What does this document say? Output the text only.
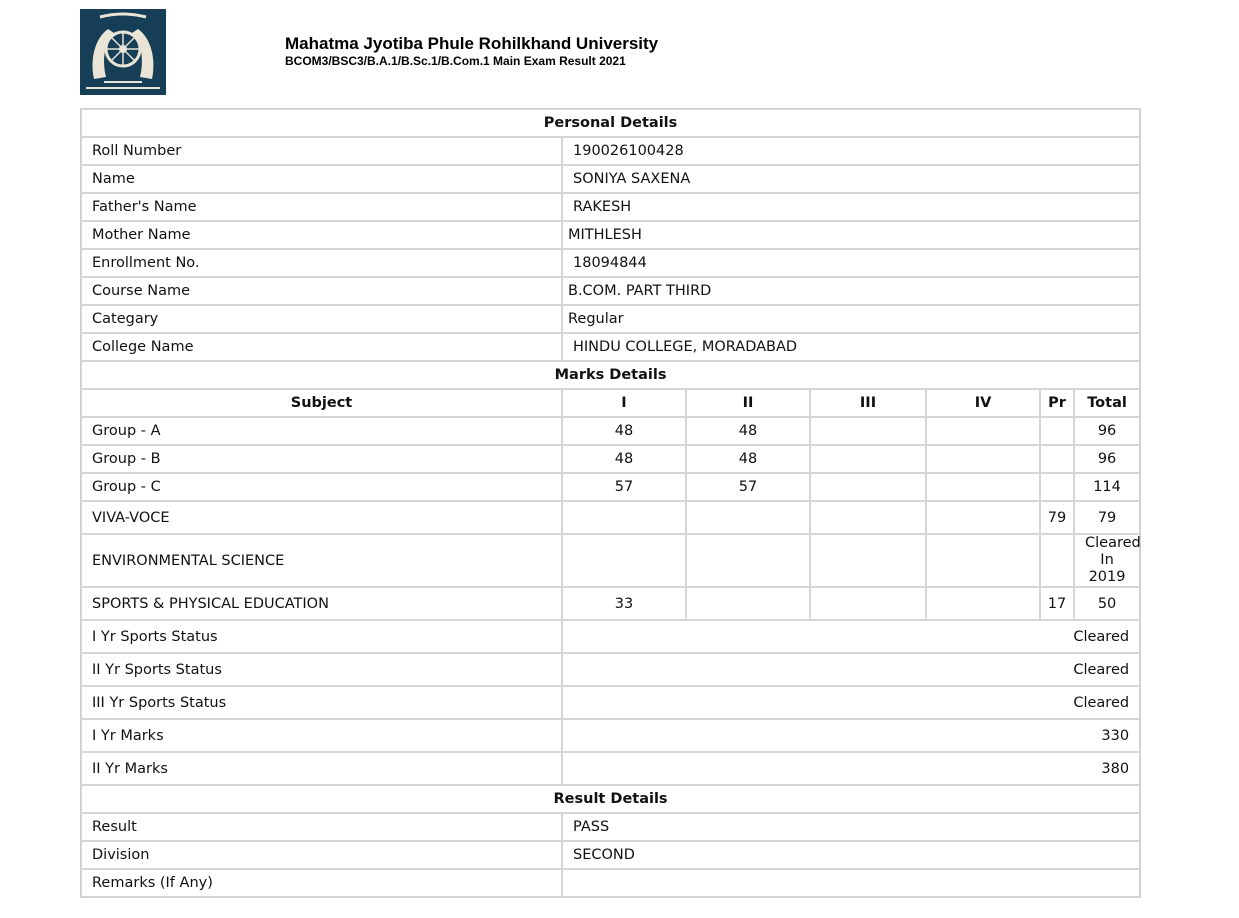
Mahatma Jyotiba Phule Rohilkhand University
BCOM3/BSC3/B.A.1/B.Sc.1/B.Com.1 Main Exam Result 2021
Personal Details						
Roll Number	190026100428					
Name	SONIYA SAXENA					
Father's Name	RAKESH					
Mother Name	MITHLESH					
Enrollment No.	18094844					
Course Name	B.COM. PART THIRD					
Categary	Regular					
College Name	HINDU COLLEGE, MORADABAD					
Marks Details						
Subject	I	II	III	IV	Pr	Total
Group - A	48	48				96
Group - B	48	48				96
Group - C	57	57				114
VIVA-VOCE					79	79
ENVIRONMENTAL SCIENCE						Cleared
In
2019

SPORTS & PHYSICAL EDUCATION	33				17	50
I Yr Sports Status	Cleared					
II Yr Sports Status	Cleared					
III Yr Sports Status	Cleared					
I Yr Marks	330					
II Yr Marks	380					
Result Details						
Result	PASS					
Division	SECOND					
Remarks (If Any)						
